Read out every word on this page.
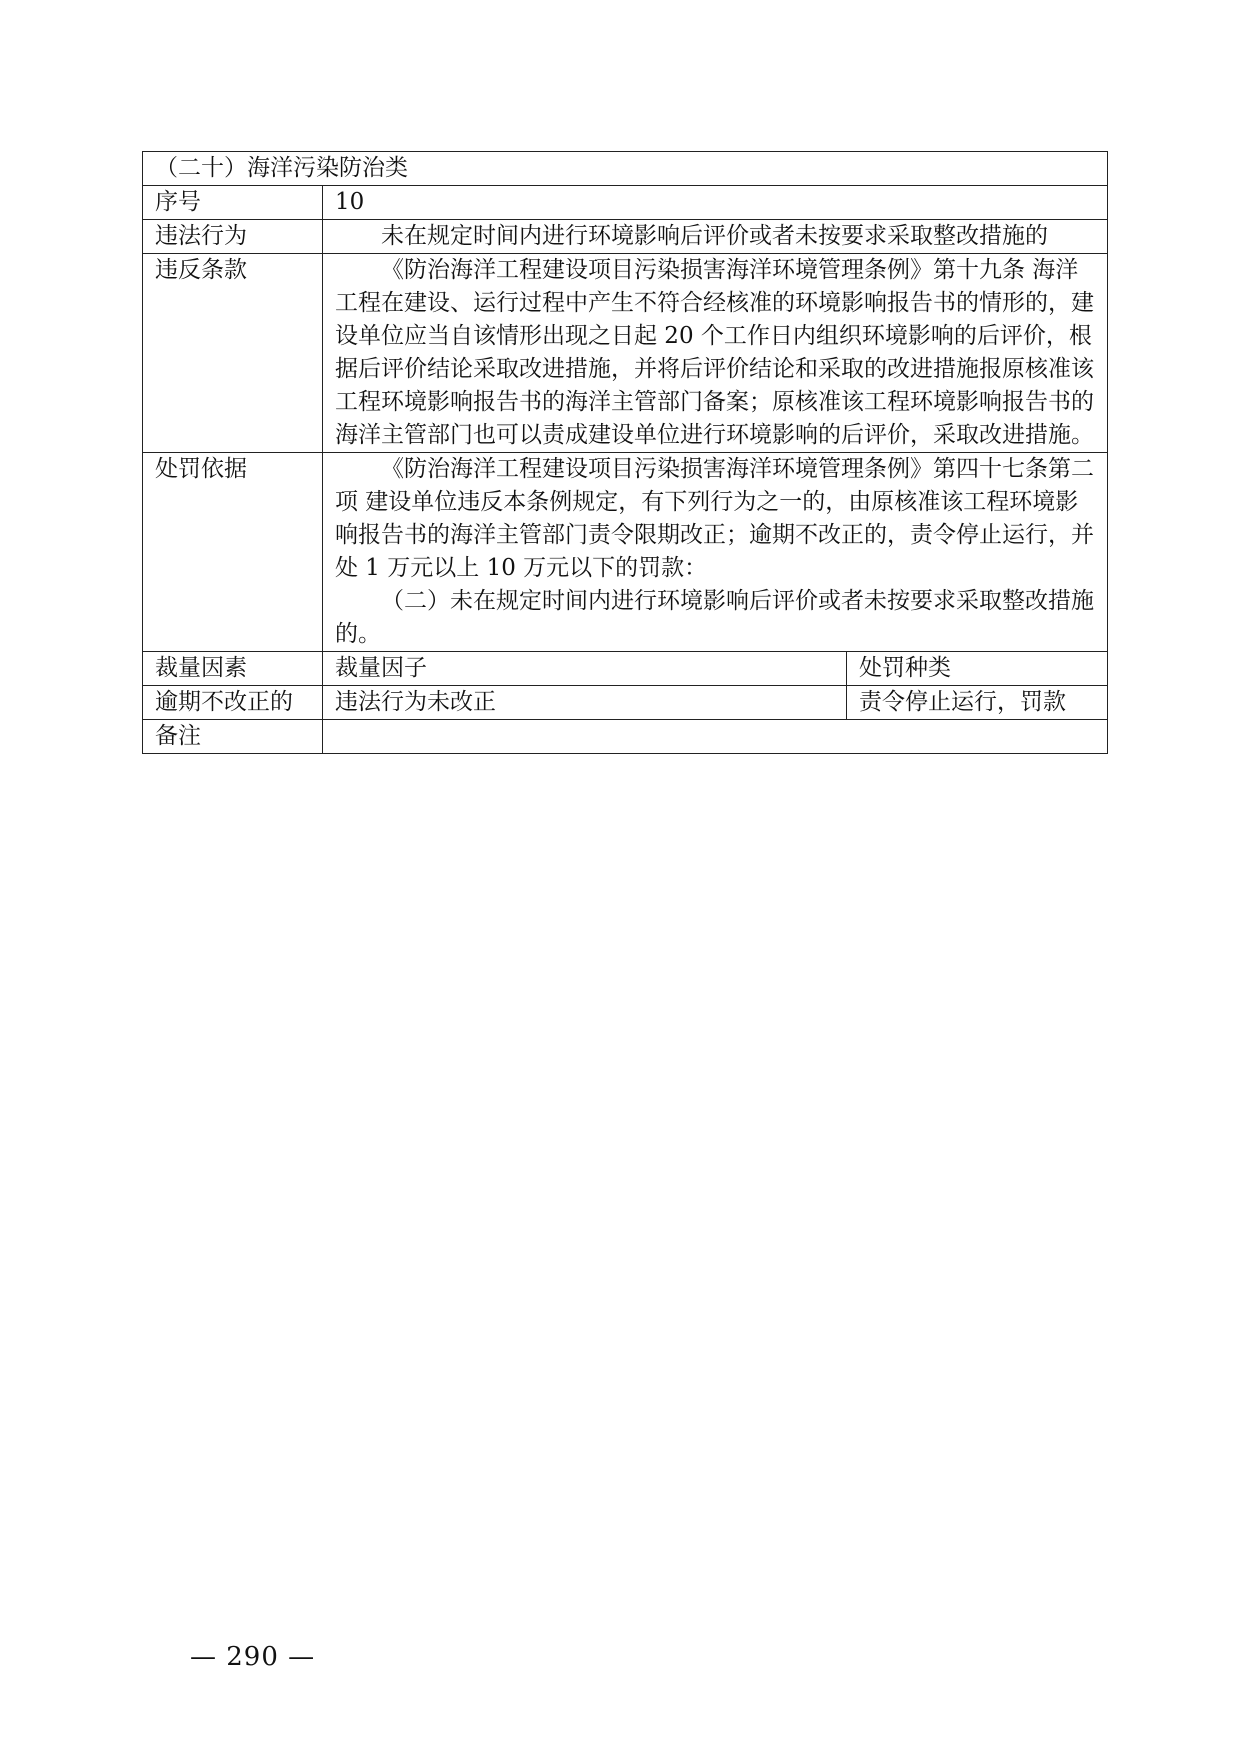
（二十）海洋污染防治类		
序号	10	
违法行为	未在规定时间内进行环境影响后评价或者未按要求采取整改措施的	

违反条款	《防治海洋工程建设项目污染损害海洋环境管理条例》第十九条 海洋工程在建设、运行过程中产生不符合经核准的环境影响报告书的情形的，建设单位应当自该情形出现之日起 20 个工作日内组织环境影响的后评价，根据后评价结论采取改进措施，并将后评价结论和采取的改进措施报原核准该工程环境影响报告书的海洋主管部门备案；原核准该工程环境影响报告书的海洋主管部门也可以责成建设单位进行环境影响的后评价，采取改进措施。	

处罚依据	《防治海洋工程建设项目污染损害海洋环境管理条例》第四十七条第二项 建设单位违反本条例规定，有下列行为之一的，由原核准该工程环境影响报告书的海洋主管部门责令限期改正；逾期不改正的，责令停止运行，并处 1 万元以上 10 万元以下的罚款：

（二）未在规定时间内进行环境影响后评价或者未按要求采取整改措施的。	

裁量因素	裁量因子	处罚种类
逾期不改正的	违法行为未改正	责令停止运行，罚款
备注		
— 290 —
